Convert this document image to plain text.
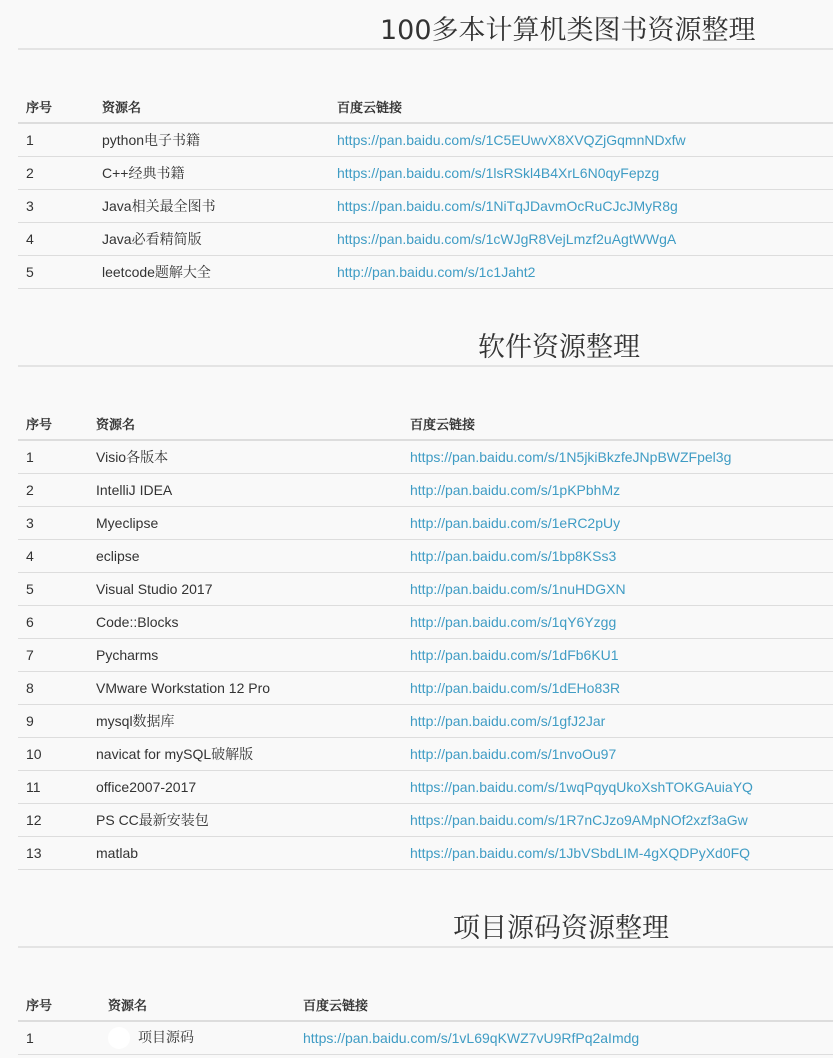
100多本计算机类图书资源整理
序号	资源名	百度云链接
1	python电子书籍	https://pan.baidu.com/s/1C5EUwvX8XVQZjGqmnNDxfw
2	C++经典书籍	https://pan.baidu.com/s/1lsRSkl4B4XrL6N0qyFepzg
3	Java相关最全图书	https://pan.baidu.com/s/1NiTqJDavmOcRuCJcJMyR8g
4	Java必看精简版	https://pan.baidu.com/s/1cWJgR8VejLmzf2uAgtWWgA
5	leetcode题解大全	http://pan.baidu.com/s/1c1Jaht2
软件资源整理
序号	资源名	百度云链接
1	Visio各版本	https://pan.baidu.com/s/1N5jkiBkzfeJNpBWZFpel3g
2	IntelliJ IDEA	http://pan.baidu.com/s/1pKPbhMz
3	Myeclipse	http://pan.baidu.com/s/1eRC2pUy
4	eclipse	http://pan.baidu.com/s/1bp8KSs3
5	Visual Studio 2017	http://pan.baidu.com/s/1nuHDGXN
6	Code::Blocks	http://pan.baidu.com/s/1qY6Yzgg
7	Pycharms	http://pan.baidu.com/s/1dFb6KU1
8	VMware Workstation 12 Pro	http://pan.baidu.com/s/1dEHo83R
9	mysql数据库	http://pan.baidu.com/s/1gfJ2Jar
10	navicat for mySQL破解版	http://pan.baidu.com/s/1nvoOu97
11	office2007-2017	https://pan.baidu.com/s/1wqPqyqUkoXshTOKGAuiaYQ
12	PS CC最新安装包	https://pan.baidu.com/s/1R7nCJzo9AMpNOf2xzf3aGw
13	matlab	https://pan.baidu.com/s/1JbVSbdLIM-4gXQDPyXd0FQ
项目源码资源整理
序号	资源名	百度云链接
1	项目源码	https://pan.baidu.com/s/1vL69qKWZ7vU9RfPq2aImdg
